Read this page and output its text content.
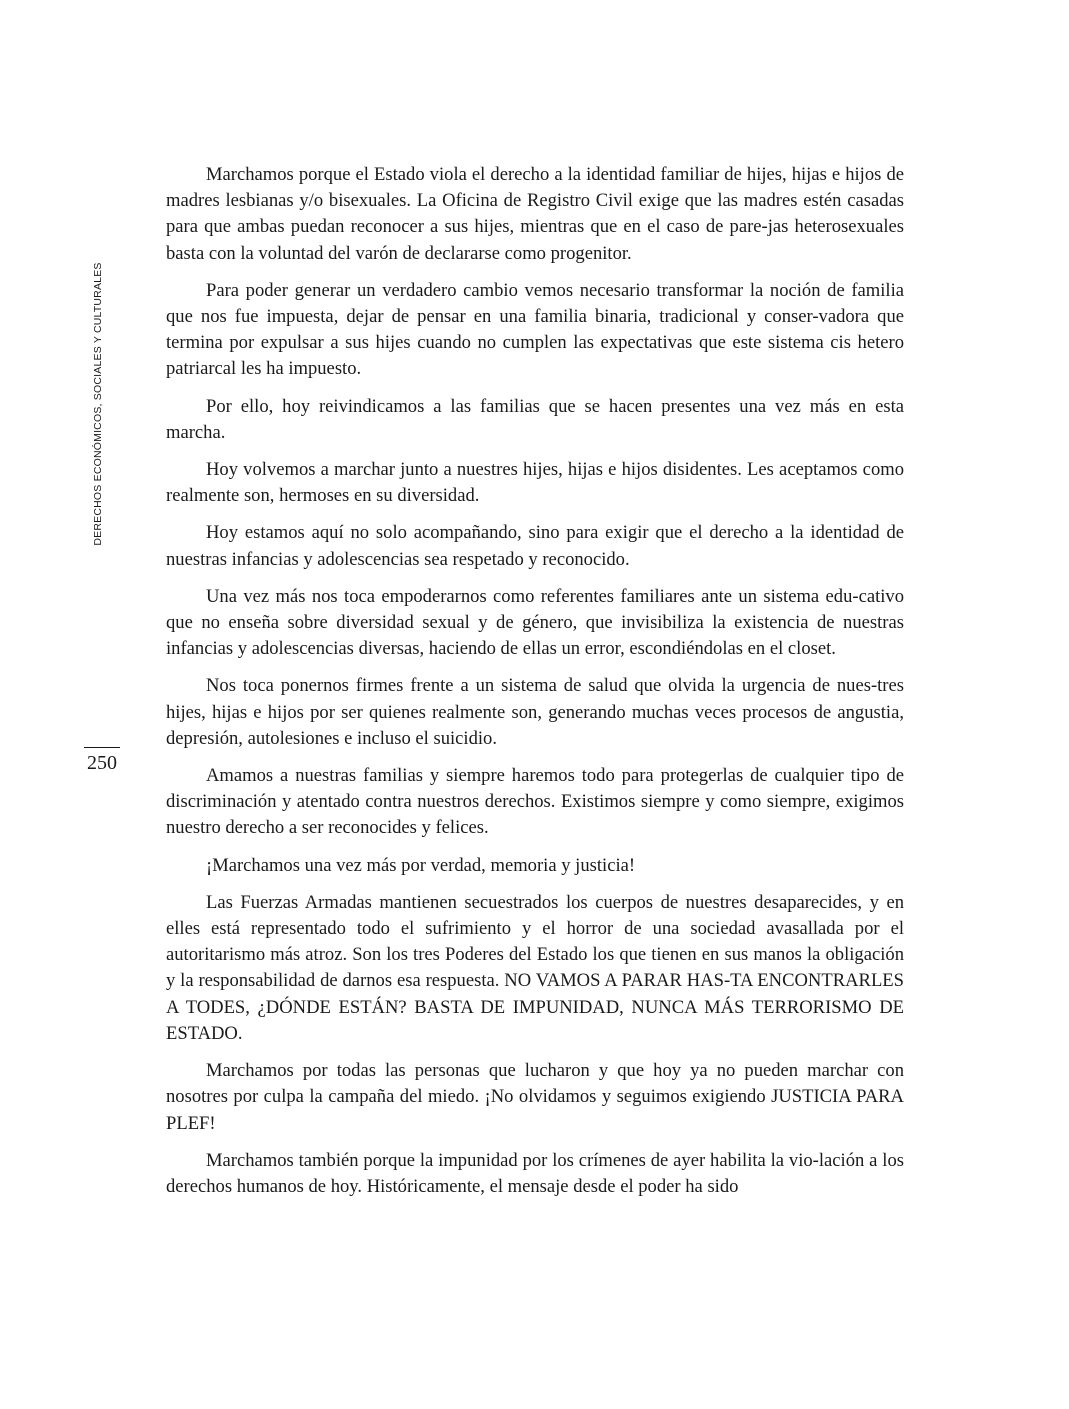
DERECHOS ECONÓMICOS, SOCIALES Y CULTURALES
250

Marchamos porque el Estado viola el derecho a la identidad familiar de hijes, hijas e hijos de madres lesbianas y/o bisexuales. La Oficina de Registro Civil exige que las madres estén casadas para que ambas puedan reconocer a sus hijes, mientras que en el caso de pare-jas heterosexuales basta con la voluntad del varón de declararse como progenitor.

Para poder generar un verdadero cambio vemos necesario transformar la noción de familia que nos fue impuesta, dejar de pensar en una familia binaria, tradicional y conser-vadora que termina por expulsar a sus hijes cuando no cumplen las expectativas que este sistema cis hetero patriarcal les ha impuesto.

Por ello, hoy reivindicamos a las familias que se hacen presentes una vez más en esta marcha.

Hoy volvemos a marchar junto a nuestres hijes, hijas e hijos disidentes. Les aceptamos como realmente son, hermoses en su diversidad.

Hoy estamos aquí no solo acompañando, sino para exigir que el derecho a la identidad de nuestras infancias y adolescencias sea respetado y reconocido.

Una vez más nos toca empoderarnos como referentes familiares ante un sistema edu-cativo que no enseña sobre diversidad sexual y de género, que invisibiliza la existencia de nuestras infancias y adolescencias diversas, haciendo de ellas un error, escondiéndolas en el closet.

Nos toca ponernos firmes frente a un sistema de salud que olvida la urgencia de nues-tres hijes, hijas e hijos por ser quienes realmente son, generando muchas veces procesos de angustia, depresión, autolesiones e incluso el suicidio.

Amamos a nuestras familias y siempre haremos todo para protegerlas de cualquier tipo de discriminación y atentado contra nuestros derechos. Existimos siempre y como siempre, exigimos nuestro derecho a ser reconocides y felices.

¡Marchamos una vez más por verdad, memoria y justicia!

Las Fuerzas Armadas mantienen secuestrados los cuerpos de nuestres desaparecides, y en elles está representado todo el sufrimiento y el horror de una sociedad avasallada por el autoritarismo más atroz. Son los tres Poderes del Estado los que tienen en sus manos la obligación y la responsabilidad de darnos esa respuesta. NO VAMOS A PARAR HAS-TA ENCONTRARLES A TODES, ¿DÓNDE ESTÁN? BASTA DE IMPUNIDAD, NUNCA MÁS TERRORISMO DE ESTADO.

Marchamos por todas las personas que lucharon y que hoy ya no pueden marchar con nosotres por culpa la campaña del miedo. ¡No olvidamos y seguimos exigiendo JUSTICIA PARA PLEF!

Marchamos también porque la impunidad por los crímenes de ayer habilita la vio-lación a los derechos humanos de hoy. Históricamente, el mensaje desde el poder ha sido
